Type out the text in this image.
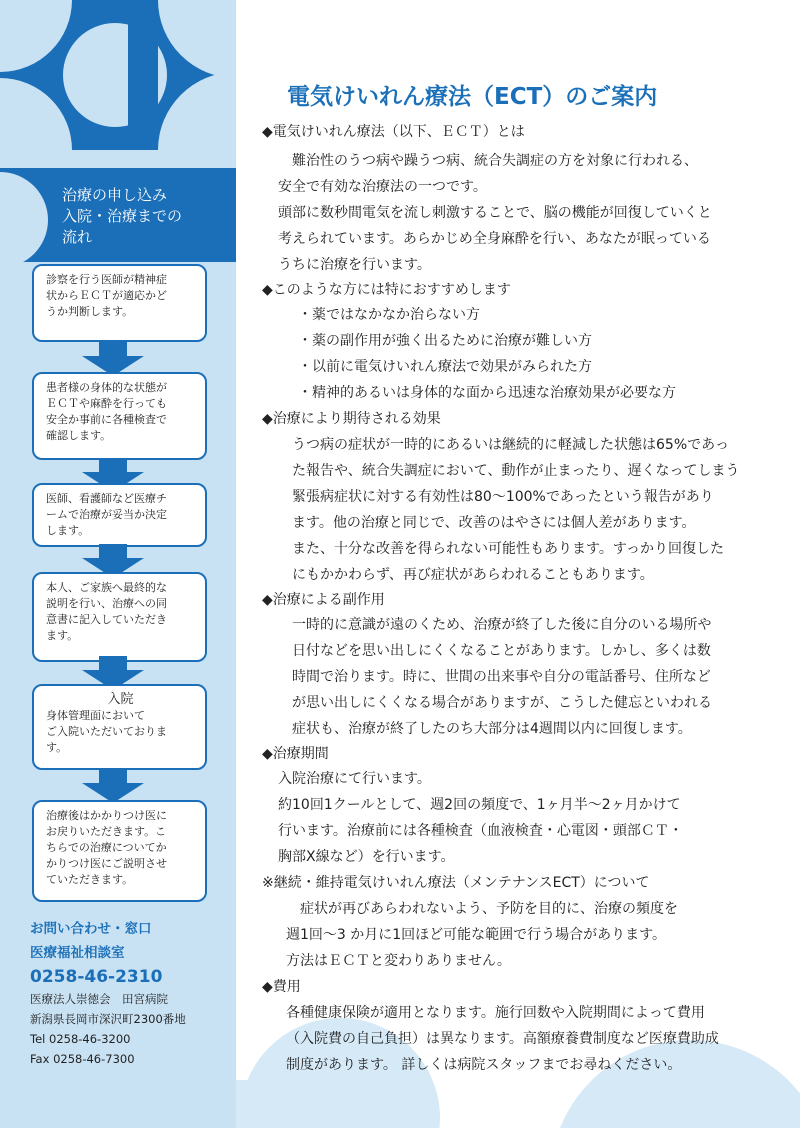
治療の申し込み
入院・治療までの
流れ
診察を行う医師が精神症
状からＥＣＴが適応かど
うか判断します。
患者様の身体的な状態が
ＥＣＴや麻酔を行っても
安全か事前に各種検査で
確認します。
医師、看護師など医療チ
ームで治療が妥当か決定
します。
本人、ご家族へ最終的な
説明を行い、治療への同
意書に記入していただき
ます。
入院
身体管理面において
ご入院いただいておりま
す。
治療後はかかりつけ医に
お戻りいただきます。こ
ちらでの治療についてか
かりつけ医にご説明させ
ていただきます。
お問い合わせ・窓口
医療福祉相談室
0258-46-2310
医療法人崇徳会　田宮病院
新潟県長岡市深沢町2300番地
Tel 0258-46-3200
Fax 0258-46-7300
電気けいれん療法（ECT）のご案内
◆電気けいれん療法（以下、ＥＣＴ）とは
難治性のうつ病や躁うつ病、統合失調症の方を対象に行われる、
安全で有効な治療法の一つです。
頭部に数秒間電気を流し刺激することで、脳の機能が回復していくと
考えられています。あらかじめ全身麻酔を行い、あなたが眠っている
うちに治療を行います。
◆このような方には特におすすめします
・薬ではなかなか治らない方
・薬の副作用が強く出るために治療が難しい方
・以前に電気けいれん療法で効果がみられた方
・精神的あるいは身体的な面から迅速な治療効果が必要な方
◆治療により期待される効果
うつ病の症状が一時的にあるいは継続的に軽減した状態は65%であっ
た報告や、統合失調症において、動作が止まったり、遅くなってしまう
緊張病症状に対する有効性は80〜100%であったという報告があり
ます。他の治療と同じで、改善のはやさには個人差があります。
また、十分な改善を得られない可能性もあります。すっかり回復した
にもかかわらず、再び症状があらわれることもあります。
◆治療による副作用
一時的に意識が遠のくため、治療が終了した後に自分のいる場所や
日付などを思い出しにくくなることがあります。しかし、多くは数
時間で治ります。時に、世間の出来事や自分の電話番号、住所など
が思い出しにくくなる場合がありますが、こうした健忘といわれる
症状も、治療が終了したのち大部分は4週間以内に回復します。
◆治療期間
入院治療にて行います。
約10回1クールとして、週2回の頻度で、1ヶ月半〜2ヶ月かけて
行います。治療前には各種検査（血液検査・心電図・頭部ＣＴ・
胸部X線など）を行います。
※継続・維持電気けいれん療法（メンテナンスECT）について
症状が再びあらわれないよう、予防を目的に、治療の頻度を
週1回〜3 か月に1回ほど可能な範囲で行う場合があります。
方法はＥＣＴと変わりありません。
◆費用
各種健康保険が適用となります。施行回数や入院期間によって費用
（入院費の自己負担）は異なります。高額療養費制度など医療費助成
制度があります。 詳しくは病院スタッフまでお尋ねください。
